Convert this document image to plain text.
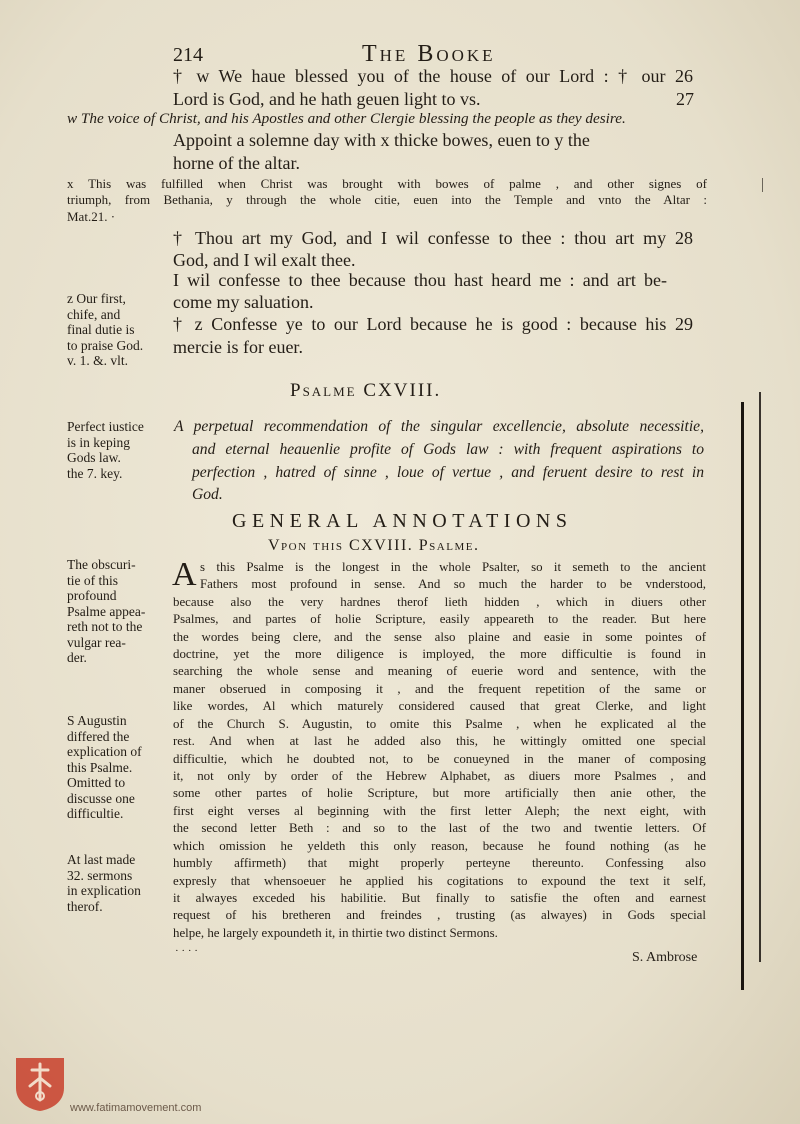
214	The Booke
† w We haue blessed you of the house of our Lord : † our 26
Lord is God, and he hath geuen light to vs.	27
w The voice of Christ, and his Apostles and other Clergie blessing the people as they desire.
Appoint a solemne day with x thicke bowes, euen to y the
horne of the altar.
x This was fulfilled when Christ was brought with bowes of palme , and other signes of
triumph, from Bethania, y through the whole citie, euen into the Temple and vnto the Altar :
Mat.21. ·
† Thou art my God, and I wil confesse to thee : thou art my 28
God, and I wil exalt thee.
I wil confesse to thee because thou hast heard me : and art be-
come my saluation.
† z Confesse ye to our Lord because he is good : because his 29
mercie is for euer.
z Our first,
chife, and
final dutie is
to praise God.
v. 1. &. vlt.
Psalme CXVIII.
Perfect iustice
is in keping
Gods law.
the 7. key.
A perpetual recommendation of the singular excellencie, absolute necessitie,
and eternal heauenlie profite of Gods law : with frequent aspirations to
perfection , hatred of sinne , loue of vertue , and feruent desire to rest in
God.
GENERAL ANNOTATIONS
Vpon this CXVIII. Psalme.
The obscuri-
tie of this
profound
Psalme appea-
reth not to the
vulgar rea-
der.
S Augustin
differed the
explication of
this Psalme.
Omitted to
discusse one
difficultie.
At last made
32. sermons
in explication
therof.
A s this Psalme is the longest in the whole Psalter, so it semeth to the ancient
Fathers most profound in sense. And so much the harder to be vnderstood,
because also the very hardnes therof lieth hidden , which in diuers other
Psalmes, and partes of holie Scripture, easily appeareth to the reader. But here
the wordes being clere, and the sense also plaine and easie in some pointes of
doctrine, yet the more diligence is imployed, the more difficultie is found in
searching the whole sense and meaning of euerie word and sentence, with the
maner obserued in composing it , and the frequent repetition of the same or
like wordes, Al which maturely considered caused that great Clerke, and light
of the Church S. Augustin, to omite this Psalme , when he explicated al the
rest. And when at last he added also this, he wittingly omitted one special
difficultie, which he doubted not, to be conueyned in the maner of composing
it, not only by order of the Hebrew Alphabet, as diuers more Psalmes , and
some other partes of holie Scripture, but more artificially then anie other, the
first eight verses al beginning with the first letter Aleph; the next eight, with
the second letter Beth : and so to the last of the two and twentie letters. Of
which omission he yeldeth this only reason, because he found nothing (as he
humbly affirmeth) that might properly perteyne thereunto. Confessing also
expresly that whensoeuer he applied his cogitations to expound the text it self,
it alwayes exceded his habilitie. But finally to satisfie the often and earnest
request of his bretheren and freindes , trusting (as alwayes) in Gods special
helpe, he largely expoundeth it, in thirtie two distinct Sermons.
· · · ·	S. Ambrose
www.fatimamovement.com
